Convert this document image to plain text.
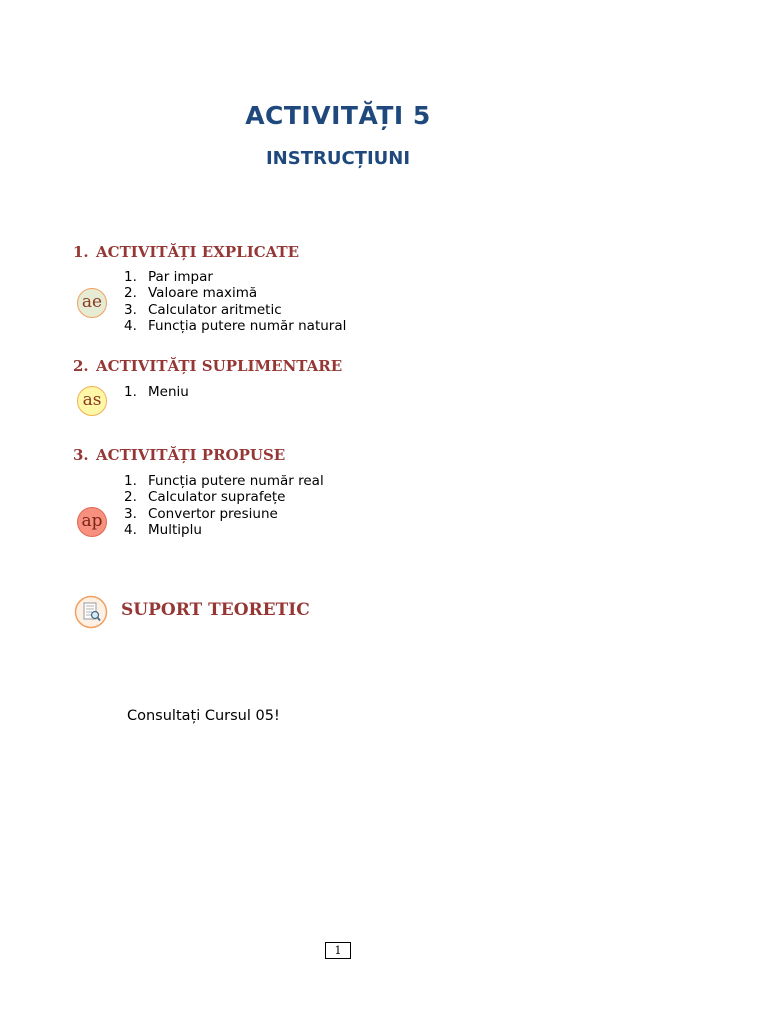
ACTIVITĂȚI 5
INSTRUCȚIUNI
1. ACTIVITĂȚI EXPLICATE
ae
1. Par impar
2. Valoare maximă
3. Calculator aritmetic
4. Funcția putere număr natural
2. ACTIVITĂȚI SUPLIMENTARE
as	1. Meniu
3. ACTIVITĂȚI PROPUSE
ap
1. Funcția putere număr real
2. Calculator suprafețe
3. Convertor presiune
4. Multiplu
SUPORT TEORETIC

Consultați Cursul 05!

1
